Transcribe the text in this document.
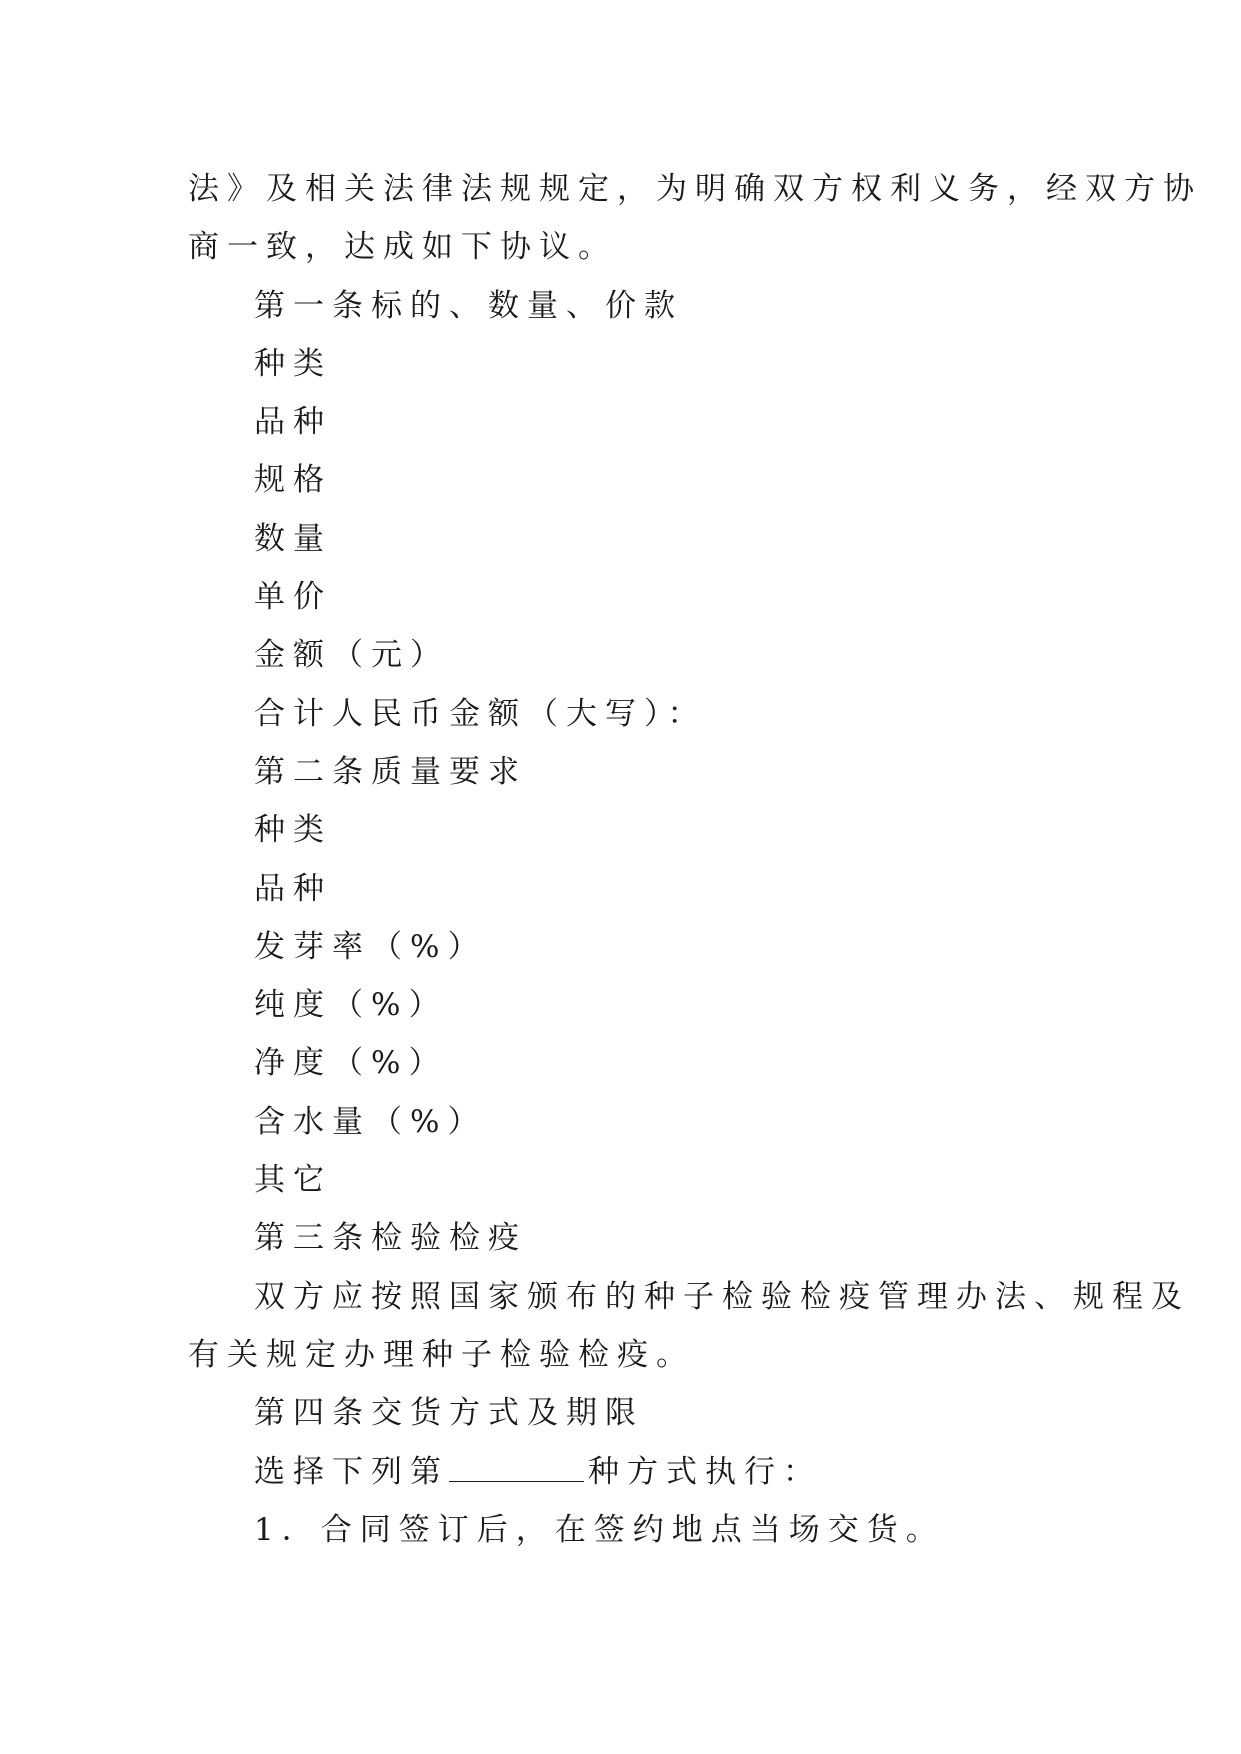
法》及相关法律法规规定，为明确双方权利义务，经双方协
商一致，达成如下协议。
第一条标的、数量、价款
种类
品种
规格
数量
单价
金额（元）
合计人民币金额（大写）：
第二条质量要求
种类
品种
发芽率（%）
纯度（%）
净度（%）
含水量（%）
其它
第三条检验检疫
双方应按照国家颁布的种子检验检疫管理办法、规程及
有关规定办理种子检验检疫。
第四条交货方式及期限
选择下列第	种方式执行：
1．合同签订后，在签约地点当场交货。
